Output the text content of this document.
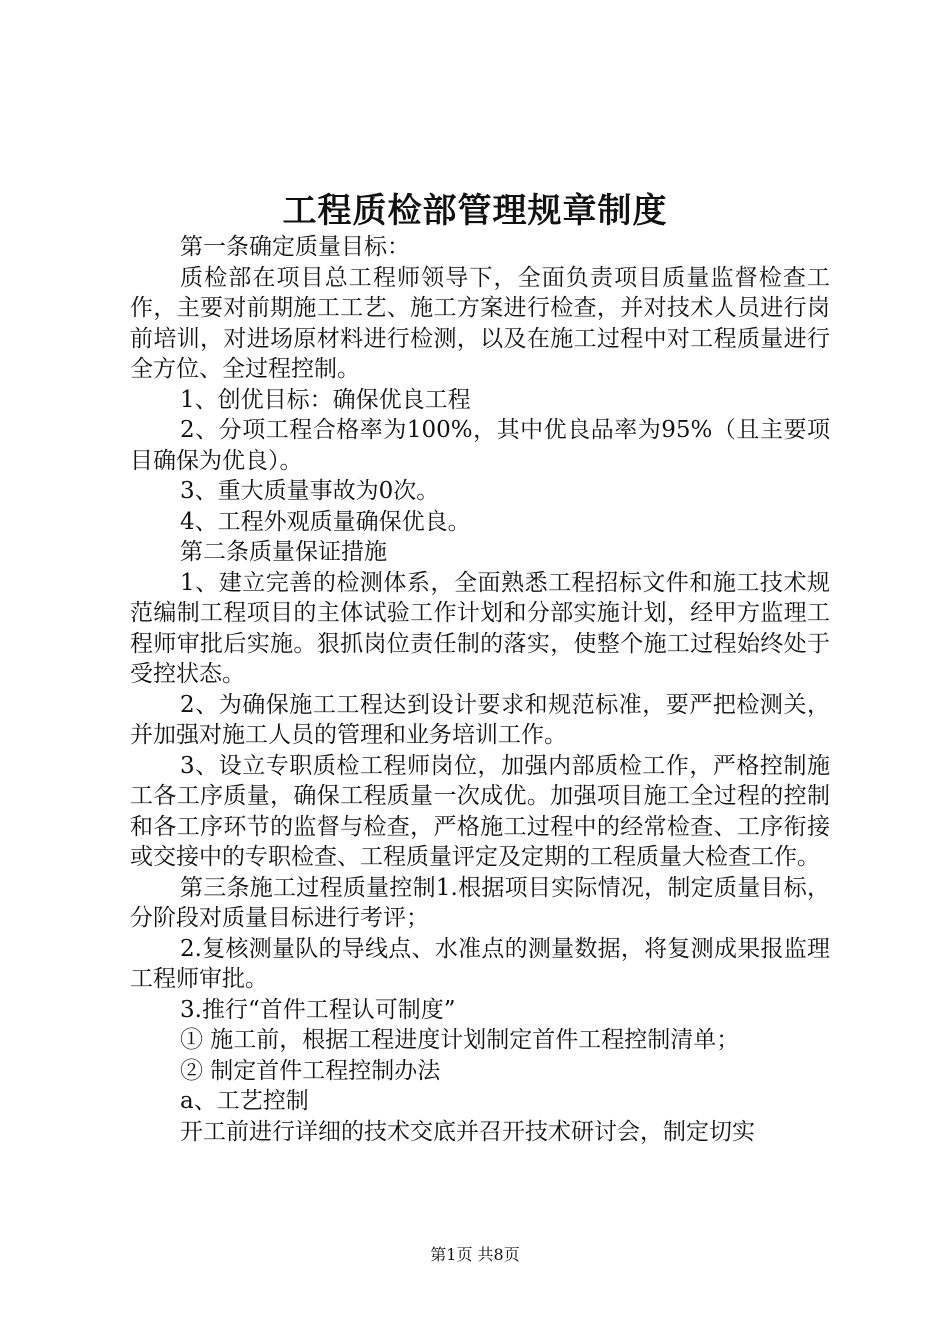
工程质检部管理规章制度

第一条确定质量目标：

质检部在项目总工程师领导下，全面负责项目质量监督检查工作，主要对前期施工工艺、施工方案进行检查，并对技术人员进行岗前培训，对进场原材料进行检测，以及在施工过程中对工程质量进行全方位、全过程控制。

1、创优目标：确保优良工程

2、分项工程合格率为100%，其中优良品率为95%（且主要项目确保为优良）。

3、重大质量事故为0次。

4、工程外观质量确保优良。

第二条质量保证措施

1、建立完善的检测体系，全面熟悉工程招标文件和施工技术规范编制工程项目的主体试验工作计划和分部实施计划，经甲方监理工程师审批后实施。狠抓岗位责任制的落实，使整个施工过程始终处于受控状态。

2、为确保施工工程达到设计要求和规范标准，要严把检测关，并加强对施工人员的管理和业务培训工作。

3、设立专职质检工程师岗位，加强内部质检工作，严格控制施工各工序质量，确保工程质量一次成优。加强项目施工全过程的控制和各工序环节的监督与检查，严格施工过程中的经常检查、工序衔接或交接中的专职检查、工程质量评定及定期的工程质量大检查工作。

第三条施工过程质量控制1.根据项目实际情况，制定质量目标，分阶段对质量目标进行考评；

2.复核测量队的导线点、水准点的测量数据，将复测成果报监理工程师审批。

3.推行“首件工程认可制度”

① 施工前，根据工程进度计划制定首件工程控制清单；

② 制定首件工程控制办法

a、工艺控制

开工前进行详细的技术交底并召开技术研讨会，制定切实

第1页 共8页
